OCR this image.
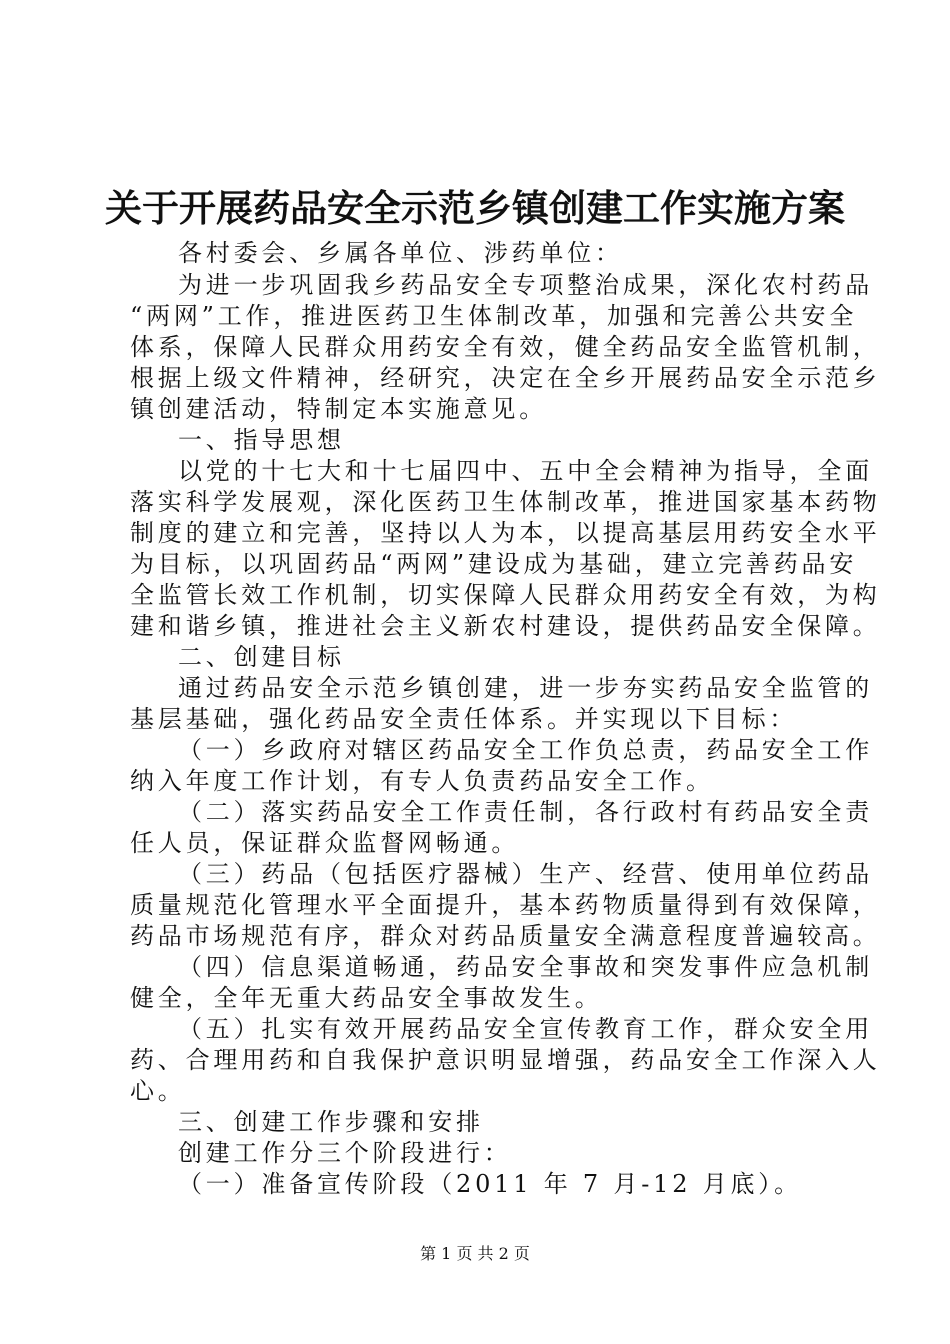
关于开展药品安全示范乡镇创建工作实施方案
各村委会、乡属各单位、涉药单位：
为进一步巩固我乡药品安全专项整治成果，深化农村药品
“两网”工作，推进医药卫生体制改革，加强和完善公共安全
体系，保障人民群众用药安全有效，健全药品安全监管机制，
根据上级文件精神，经研究，决定在全乡开展药品安全示范乡
镇创建活动，特制定本实施意见。
一、指导思想
以党的十七大和十七届四中、五中全会精神为指导，全面
落实科学发展观，深化医药卫生体制改革，推进国家基本药物
制度的建立和完善，坚持以人为本，以提高基层用药安全水平
为目标，以巩固药品“两网”建设成为基础，建立完善药品安
全监管长效工作机制，切实保障人民群众用药安全有效，为构
建和谐乡镇，推进社会主义新农村建设，提供药品安全保障。
二、创建目标
通过药品安全示范乡镇创建，进一步夯实药品安全监管的
基层基础，强化药品安全责任体系。并实现以下目标：
（一）乡政府对辖区药品安全工作负总责，药品安全工作
纳入年度工作计划，有专人负责药品安全工作。
（二）落实药品安全工作责任制，各行政村有药品安全责
任人员，保证群众监督网畅通。
（三）药品（包括医疗器械）生产、经营、使用单位药品
质量规范化管理水平全面提升，基本药物质量得到有效保障，
药品市场规范有序，群众对药品质量安全满意程度普遍较高。
（四）信息渠道畅通，药品安全事故和突发事件应急机制
健全，全年无重大药品安全事故发生。
（五）扎实有效开展药品安全宣传教育工作，群众安全用
药、合理用药和自我保护意识明显增强，药品安全工作深入人
心。
三、创建工作步骤和安排
创建工作分三个阶段进行：
（一）准备宣传阶段（2011 年 7 月-12 月底）。
第 1 页 共 2 页
